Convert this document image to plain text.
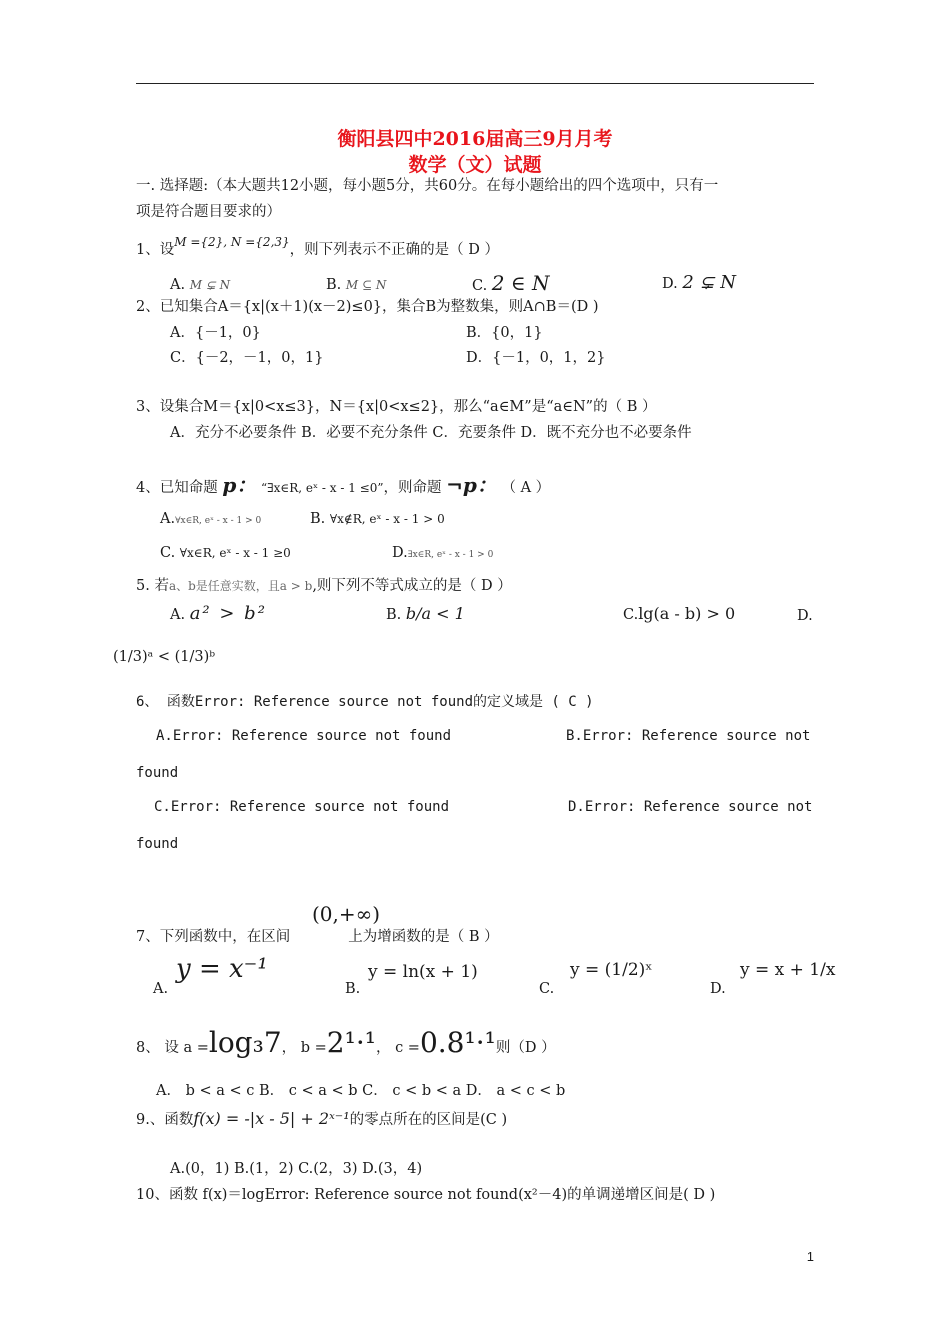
衡阳县四中2016届高三9月月考
数学（文）试题
一. 选择题:（本大题共12小题，每小题5分，共60分。在每小题给出的四个选项中，只有一
项是符合题目要求的）
1、设$^{M =\{2\}, N =\{2,3\}}$，则下列表示不正确的是（ D ）
A. M ⊊ N	B. M ⊆ N	C. 2 ∈ N	D. 2 ⊊ N
2、已知集合A＝{x|(x＋1)(x－2)≤0}，集合B为整数集，则A∩B＝(D )
A．{－1，0}	B．{0，1}
C．{－2，－1，0，1}	D．{－1，0，1，2}
3、设集合M＝{x|0<x≤3}，N＝{x|0<x≤2}，那么“a∈M”是“a∈N”的（ B ）
A．充分不必要条件 B．必要不充分条件 C．充要条件 D．既不充分也不必要条件
4、已知命题 p： “∃x∈R, eˣ - x - 1 ≤0”，则命题 ¬p： （ A ）
A.∀x∈R, eˣ - x - 1 > 0	B. ∀x∉R, eˣ - x - 1 > 0
C. ∀x∈R, eˣ - x - 1 ≥0	D.∃x∈R, eˣ - x - 1 > 0
5. 若a、b是任意实数，且a > b,则下列不等式成立的是（ D ）
A. a² > b²	B. b/a < 1	C.lg(a - b) > 0	D.
(1/3)ᵃ < (1/3)ᵇ
6、 函数Error: Reference source not found的定义域是 ( C )
A.Error: Reference source not found	B.Error: Reference source not
found
C.Error: Reference source not found	D.Error: Reference source not
found
(0,+∞)
7、下列函数中，在区间	上为增函数的是（ B ）
A.
y = x⁻¹
B.
y = ln(x + 1)
C.
y = (1/2)ˣ
D.
y = x + 1/x
8、 设 a =log₃7， b =2¹·¹， c =0.8¹·¹则（D ）
A． b < a < c B． c < a < b C． c < b < a D． a < c < b
9.、函数f(x) = -|x - 5| + 2ˣ⁻¹的零点所在的区间是(C )
A.(0，1) B.(1，2) C.(2，3) D.(3，4)
10、函数 f(x)＝logError: Reference source not found(x²－4)的单调递增区间是( D )
1
